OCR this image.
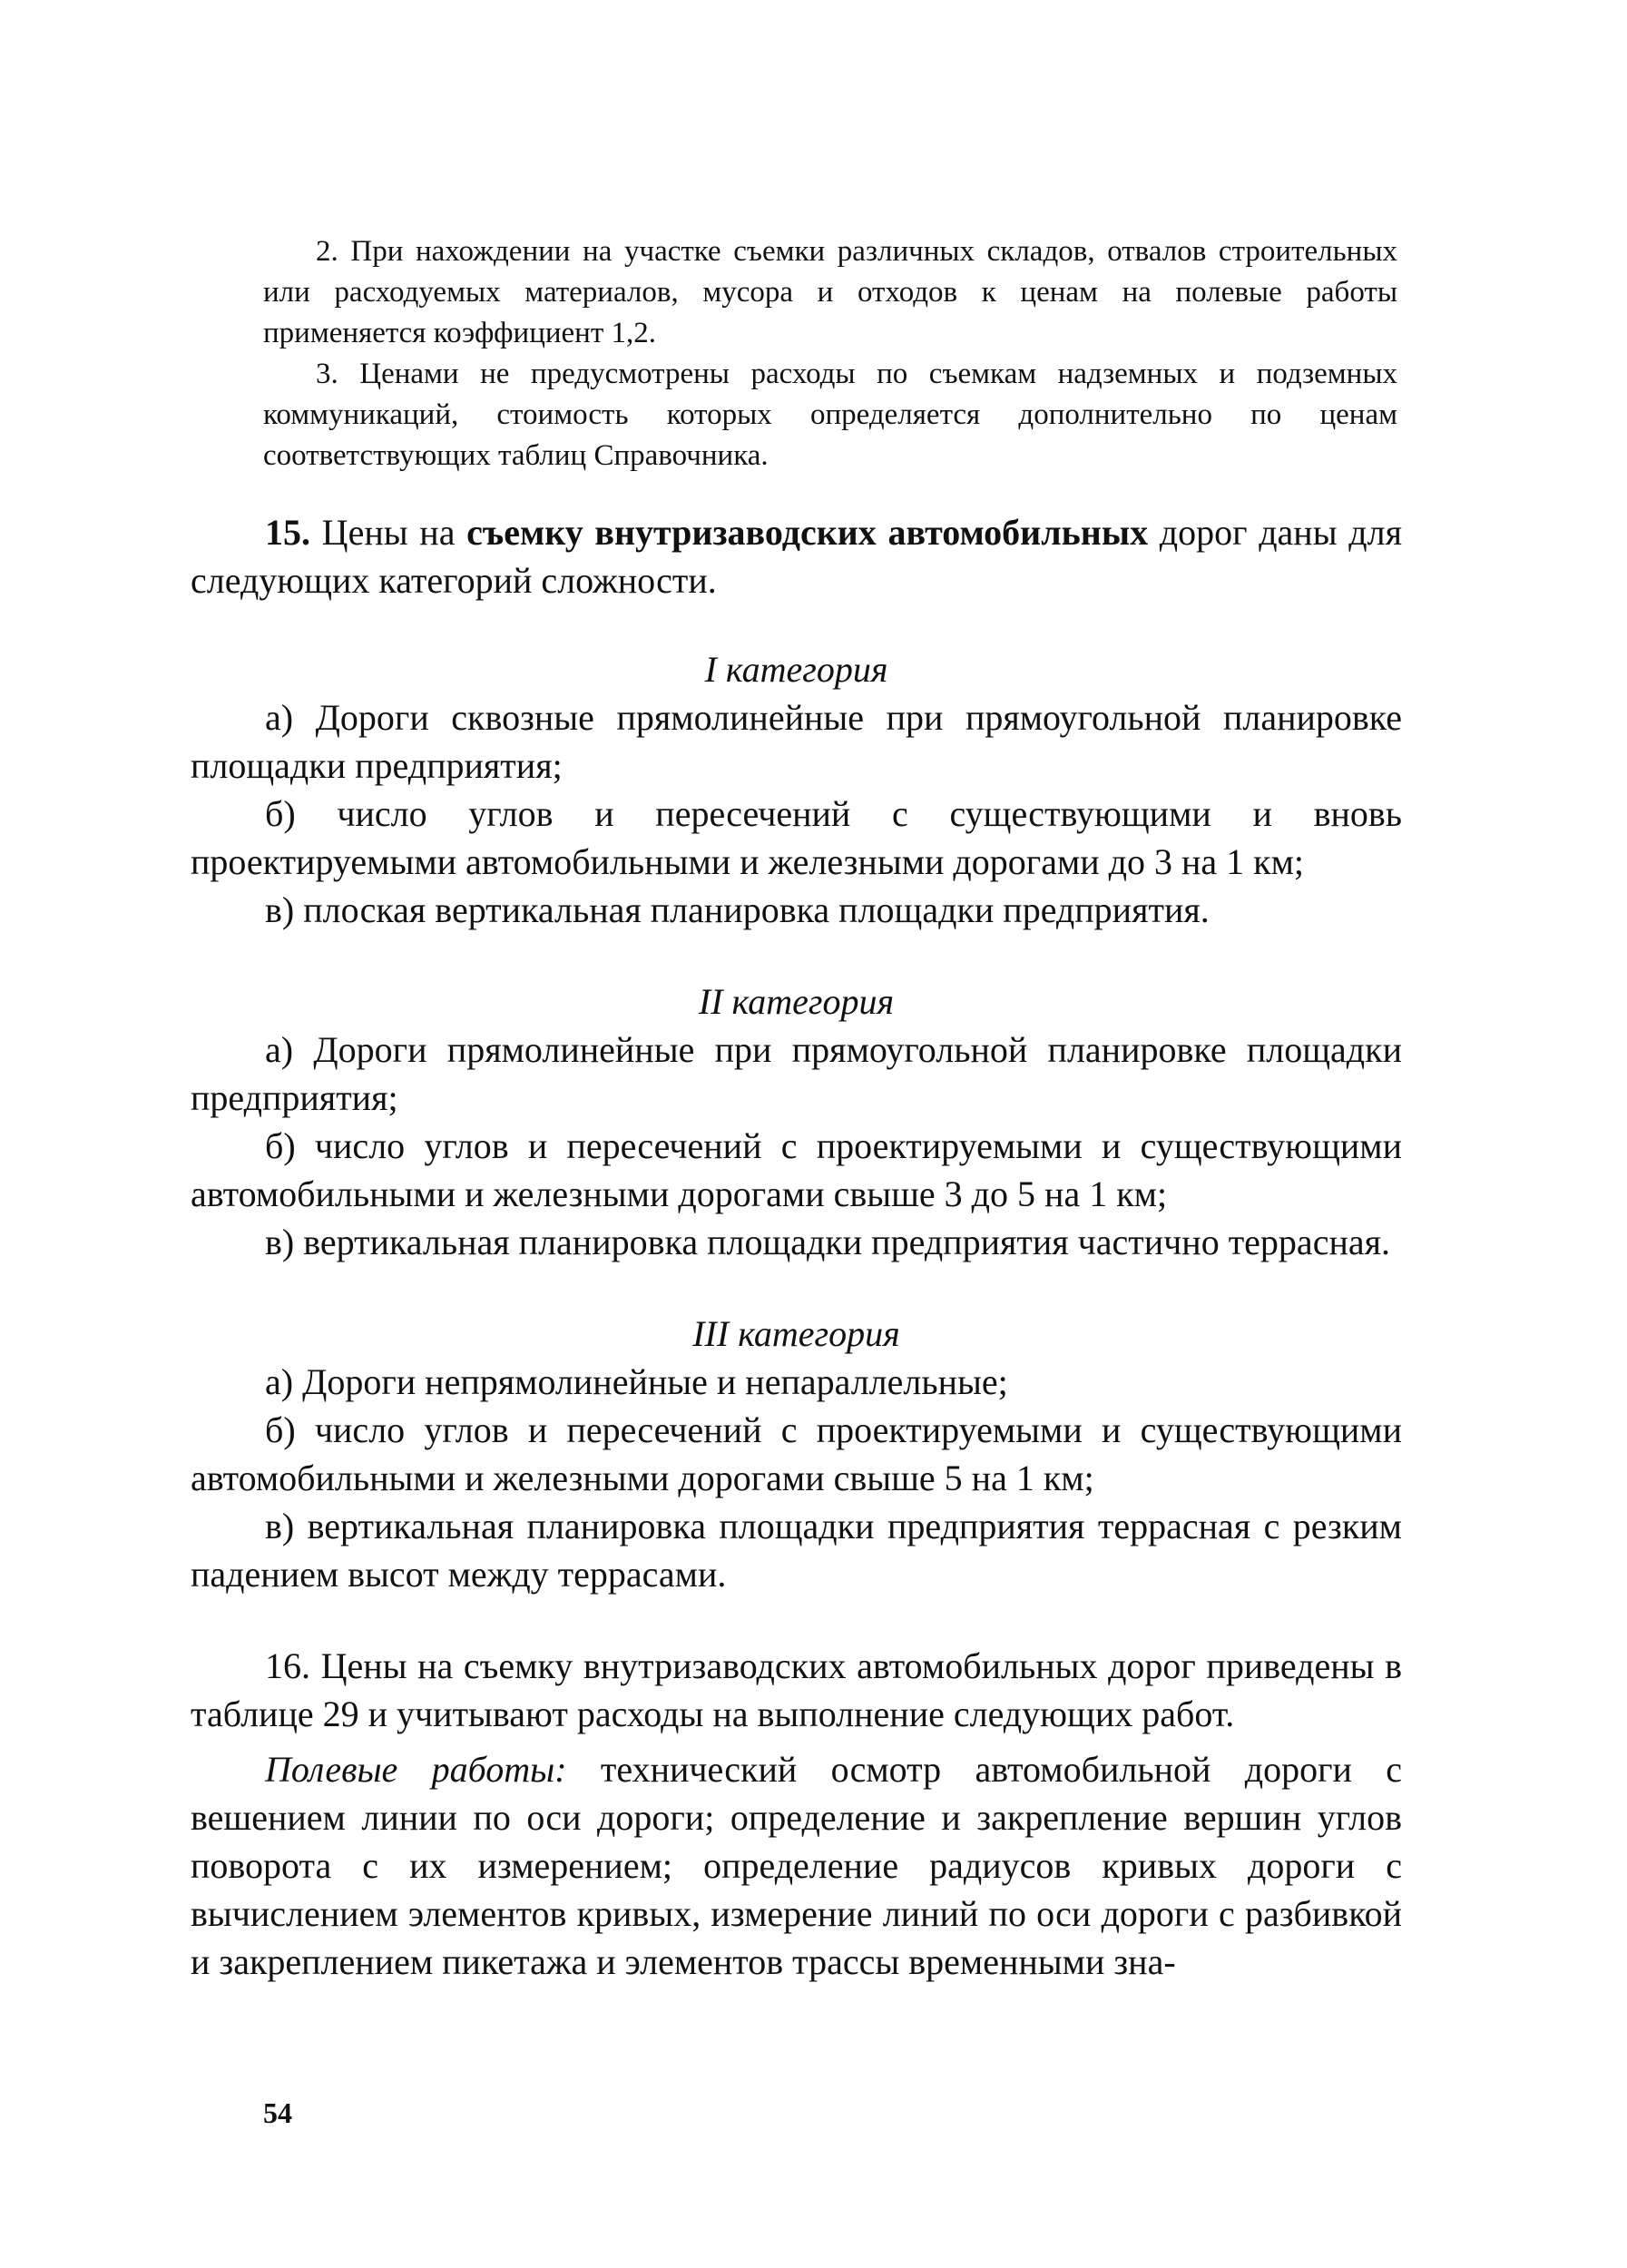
2. При нахождении на участке съемки различных складов, отвалов строительных или расходуемых материалов, мусора и отходов к ценам на полевые работы применяется коэффициент 1,2.

3. Ценами не предусмотрены расходы по съемкам надземных и подземных коммуникаций, стоимость которых определяется дополнительно по ценам соответствующих таблиц Справочника.

15. Цены на съемку внутризаводских автомобильных дорог даны для следующих категорий сложности.

I категория

а) Дороги сквозные прямолинейные при прямоугольной планировке площадки предприятия;

б) число углов и пересечений с существующими и вновь проектируемыми автомобильными и железными дорогами до 3 на 1 км;

в) плоская вертикальная планировка площадки предприятия.

II категория

а) Дороги прямолинейные при прямоугольной планировке площадки предприятия;

б) число углов и пересечений с проектируемыми и существующими автомобильными и железными дорогами свыше 3 до 5 на 1 км;

в) вертикальная планировка площадки предприятия частично террасная.

III категория

а) Дороги непрямолинейные и непараллельные;

б) число углов и пересечений с проектируемыми и существующими автомобильными и железными дорогами свыше 5 на 1 км;

в) вертикальная планировка площадки предприятия террасная с резким падением высот между террасами.

16. Цены на съемку внутризаводских автомобильных дорог приведены в таблице 29 и учитывают расходы на выполнение следующих работ.

Полевые работы: технический осмотр автомобильной дороги с вешением линии по оси дороги; определение и закрепление вершин углов поворота с их измерением; определение радиусов кривых дороги с вычислением элементов кривых, измерение линий по оси дороги с разбивкой и закреплением пикетажа и элементов трассы временными зна-

54
